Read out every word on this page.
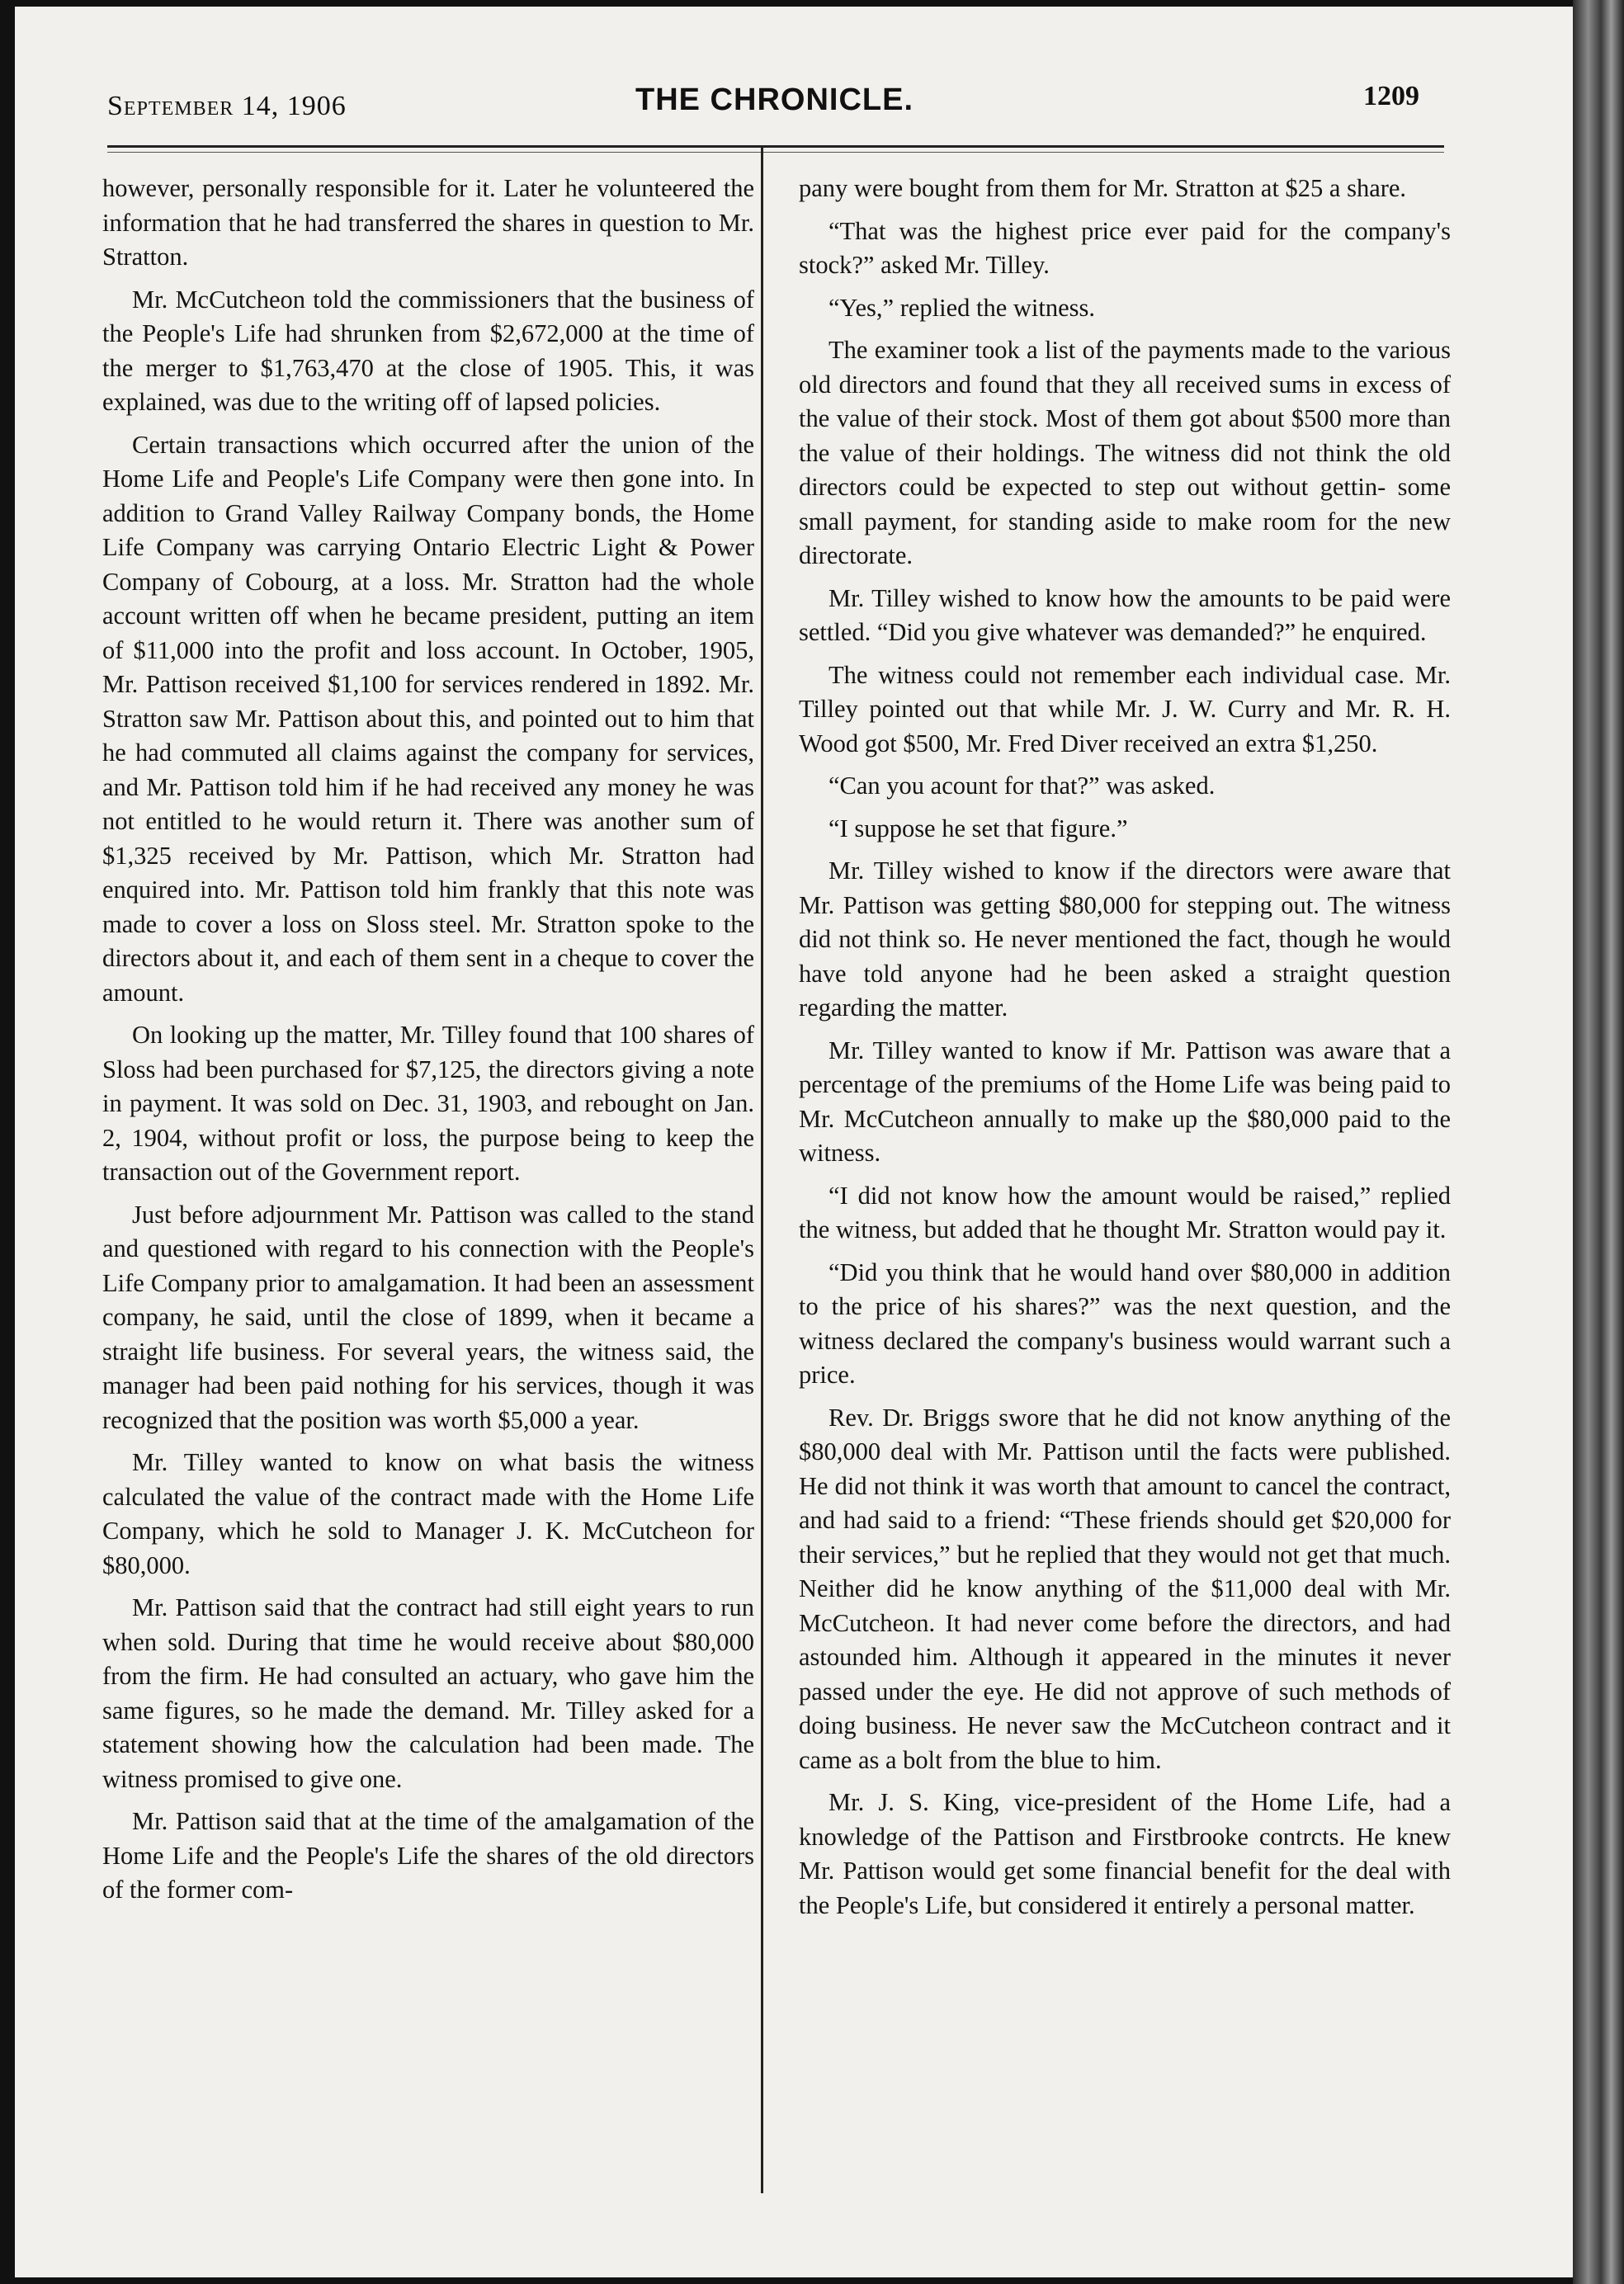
September 14, 1906	THE CHRONICLE.	1209

however, personally responsible for it. Later he volunteered the information that he had transferred the shares in question to Mr. Stratton.

Mr. McCutcheon told the commissioners that the business of the People's Life had shrunken from $2,672,000 at the time of the merger to $1,763,470 at the close of 1905. This, it was explained, was due to the writing off of lapsed policies.

Certain transactions which occurred after the union of the Home Life and People's Life Company were then gone into. In addition to Grand Valley Railway Company bonds, the Home Life Company was carrying Ontario Electric Light & Power Company of Cobourg, at a loss. Mr. Stratton had the whole account written off when he became president, putting an item of $11,000 into the profit and loss account. In October, 1905, Mr. Pattison received $1,100 for services rendered in 1892. Mr. Stratton saw Mr. Pattison about this, and pointed out to him that he had commuted all claims against the company for services, and Mr. Pattison told him if he had received any money he was not entitled to he would return it. There was another sum of $1,325 received by Mr. Pattison, which Mr. Stratton had enquired into. Mr. Pattison told him frankly that this note was made to cover a loss on Sloss steel. Mr. Stratton spoke to the directors about it, and each of them sent in a cheque to cover the amount.

On looking up the matter, Mr. Tilley found that 100 shares of Sloss had been purchased for $7,125, the directors giving a note in payment. It was sold on Dec. 31, 1903, and rebought on Jan. 2, 1904, without profit or loss, the purpose being to keep the transaction out of the Government report.

Just before adjournment Mr. Pattison was called to the stand and questioned with regard to his connection with the People's Life Company prior to amalgamation. It had been an assessment company, he said, until the close of 1899, when it became a straight life business. For several years, the witness said, the manager had been paid nothing for his services, though it was recognized that the position was worth $5,000 a year.

Mr. Tilley wanted to know on what basis the witness calculated the value of the contract made with the Home Life Company, which he sold to Manager J. K. McCutcheon for $80,000.

Mr. Pattison said that the contract had still eight years to run when sold. During that time he would receive about $80,000 from the firm. He had consulted an actuary, who gave him the same figures, so he made the demand. Mr. Tilley asked for a statement showing how the calculation had been made. The witness promised to give one.

Mr. Pattison said that at the time of the amalgamation of the Home Life and the People's Life the shares of the old directors of the former com-

pany were bought from them for Mr. Stratton at $25 a share.

“That was the highest price ever paid for the company's stock?” asked Mr. Tilley.

“Yes,” replied the witness.

The examiner took a list of the payments made to the various old directors and found that they all received sums in excess of the value of their stock. Most of them got about $500 more than the value of their holdings. The witness did not think the old directors could be expected to step out without gettin- some small payment, for standing aside to make room for the new directorate.

Mr. Tilley wished to know how the amounts to be paid were settled. “Did you give whatever was demanded?” he enquired.

The witness could not remember each individual case. Mr. Tilley pointed out that while Mr. J. W. Curry and Mr. R. H. Wood got $500, Mr. Fred Diver received an extra $1,250.

“Can you acount for that?” was asked.

“I suppose he set that figure.”

Mr. Tilley wished to know if the directors were aware that Mr. Pattison was getting $80,000 for stepping out. The witness did not think so. He never mentioned the fact, though he would have told anyone had he been asked a straight question regarding the matter.

Mr. Tilley wanted to know if Mr. Pattison was aware that a percentage of the premiums of the Home Life was being paid to Mr. McCutcheon annually to make up the $80,000 paid to the witness.

“I did not know how the amount would be raised,” replied the witness, but added that he thought Mr. Stratton would pay it.

“Did you think that he would hand over $80,000 in addition to the price of his shares?” was the next question, and the witness declared the company's business would warrant such a price.

Rev. Dr. Briggs swore that he did not know anything of the $80,000 deal with Mr. Pattison until the facts were published. He did not think it was worth that amount to cancel the contract, and had said to a friend: “These friends should get $20,000 for their services,” but he replied that they would not get that much. Neither did he know anything of the $11,000 deal with Mr. McCutcheon. It had never come before the directors, and had astounded him. Although it appeared in the minutes it never passed under the eye. He did not approve of such methods of doing business. He never saw the McCutcheon contract and it came as a bolt from the blue to him.

Mr. J. S. King, vice-president of the Home Life, had a knowledge of the Pattison and Firstbrooke contrcts. He knew Mr. Pattison would get some financial benefit for the deal with the People's Life, but considered it entirely a personal matter.
